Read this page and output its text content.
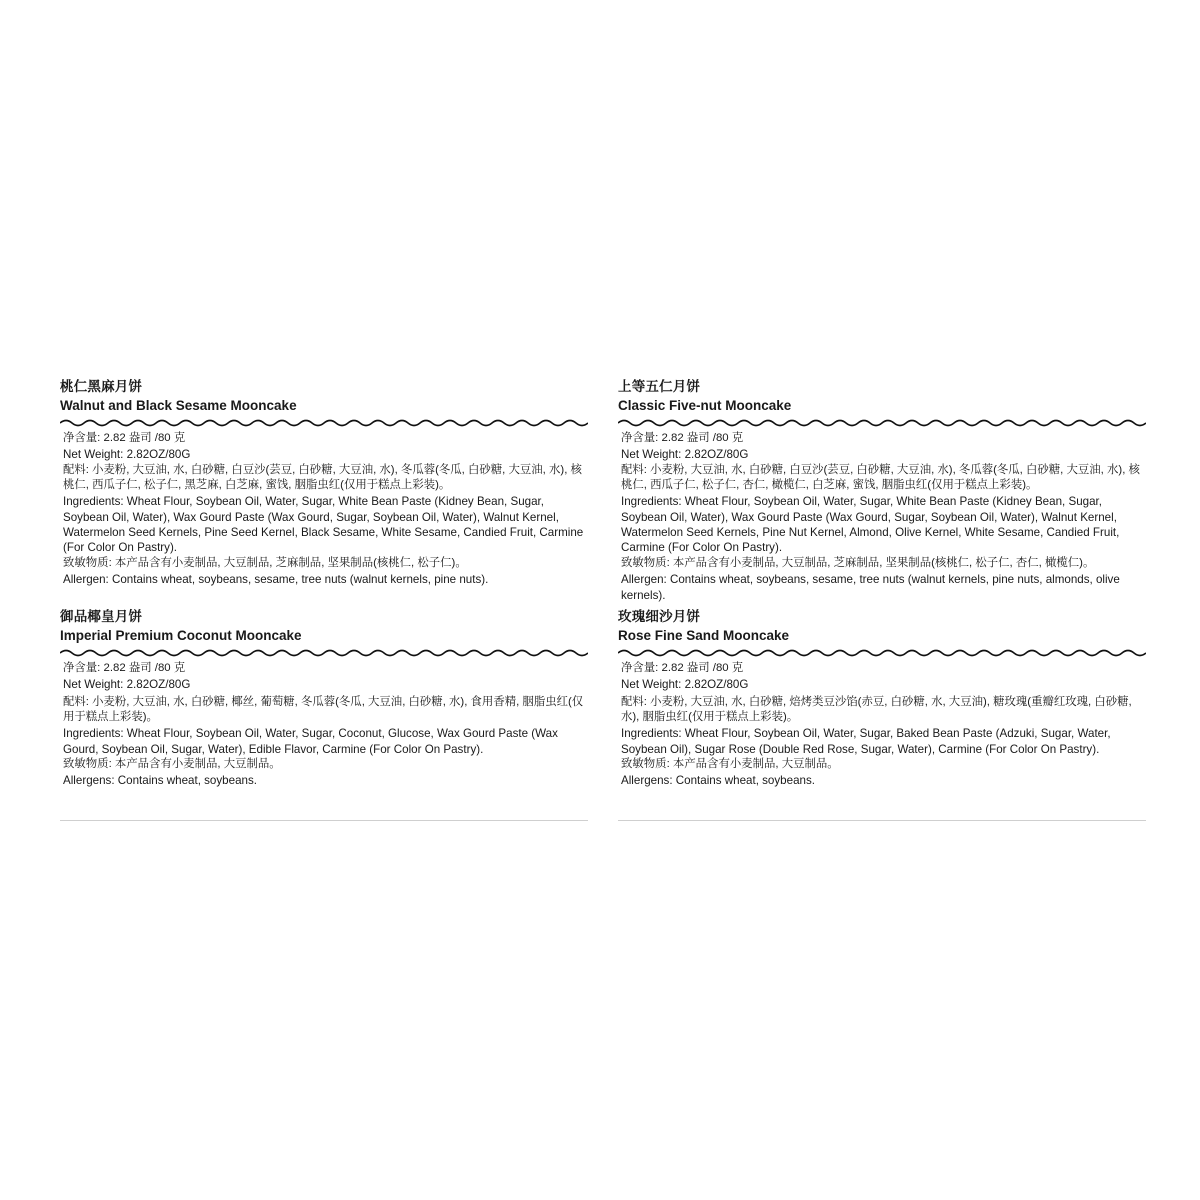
桃仁黑麻月饼
Walnut and Black Sesame Mooncake
净含量: 2.82 盎司 /80 克
Net Weight: 2.82OZ/80G
配料: 小麦粉, 大豆油, 水, 白砂糖, 白豆沙(芸豆, 白砂糖, 大豆油, 水), 冬瓜蓉(冬瓜, 白砂糖, 大豆油, 水), 核桃仁, 西瓜子仁, 松子仁, 黑芝麻, 白芝麻, 蜜饯, 胭脂虫红(仅用于糕点上彩装)。
Ingredients: Wheat Flour, Soybean Oil, Water, Sugar, White Bean Paste (Kidney Bean, Sugar, Soybean Oil, Water), Wax Gourd Paste (Wax Gourd, Sugar, Soybean Oil, Water), Walnut Kernel, Watermelon Seed Kernels, Pine Seed Kernel, Black Sesame, White Sesame, Candied Fruit, Carmine (For Color On Pastry).
致敏物质: 本产品含有小麦制品, 大豆制品, 芝麻制品, 坚果制品(核桃仁, 松子仁)。
Allergen: Contains wheat, soybeans, sesame, tree nuts (walnut kernels, pine nuts).
上等五仁月饼
Classic Five-nut Mooncake
净含量: 2.82 盎司 /80 克
Net Weight: 2.82OZ/80G
配料: 小麦粉, 大豆油, 水, 白砂糖, 白豆沙(芸豆, 白砂糖, 大豆油, 水), 冬瓜蓉(冬瓜, 白砂糖, 大豆油, 水), 核桃仁, 西瓜子仁, 松子仁, 杏仁, 橄榄仁, 白芝麻, 蜜饯, 胭脂虫红(仅用于糕点上彩装)。
Ingredients: Wheat Flour, Soybean Oil, Water, Sugar, White Bean Paste (Kidney Bean, Sugar, Soybean Oil, Water), Wax Gourd Paste (Wax Gourd, Sugar, Soybean Oil, Water), Walnut Kernel, Watermelon Seed Kernels, Pine Nut Kernel, Almond, Olive Kernel, White Sesame, Candied Fruit, Carmine (For Color On Pastry).
致敏物质: 本产品含有小麦制品, 大豆制品, 芝麻制品, 坚果制品(核桃仁, 松子仁, 杏仁, 橄榄仁)。
Allergen: Contains wheat, soybeans, sesame, tree nuts (walnut kernels, pine nuts, almonds, olive kernels).
御品椰皇月饼
Imperial Premium Coconut Mooncake
净含量: 2.82 盎司 /80 克
Net Weight: 2.82OZ/80G
配料: 小麦粉, 大豆油, 水, 白砂糖, 椰丝, 葡萄糖, 冬瓜蓉(冬瓜, 大豆油, 白砂糖, 水), 食用香精, 胭脂虫红(仅用于糕点上彩装)。
Ingredients: Wheat Flour, Soybean Oil, Water, Sugar, Coconut, Glucose, Wax Gourd Paste (Wax Gourd, Soybean Oil, Sugar, Water), Edible Flavor, Carmine (For Color On Pastry).
致敏物质: 本产品含有小麦制品, 大豆制品。
Allergens: Contains wheat, soybeans.
玫瑰细沙月饼
Rose Fine Sand Mooncake
净含量: 2.82 盎司 /80 克
Net Weight: 2.82OZ/80G
配料: 小麦粉, 大豆油, 水, 白砂糖, 焙烤类豆沙馅(赤豆, 白砂糖, 水, 大豆油), 糖玫瑰(重瓣红玫瑰, 白砂糖, 水), 胭脂虫红(仅用于糕点上彩装)。
Ingredients: Wheat Flour, Soybean Oil, Water, Sugar, Baked Bean Paste (Adzuki, Sugar, Water, Soybean Oil), Sugar Rose (Double Red Rose, Sugar, Water), Carmine (For Color On Pastry).
致敏物质: 本产品含有小麦制品, 大豆制品。
Allergens: Contains wheat, soybeans.
